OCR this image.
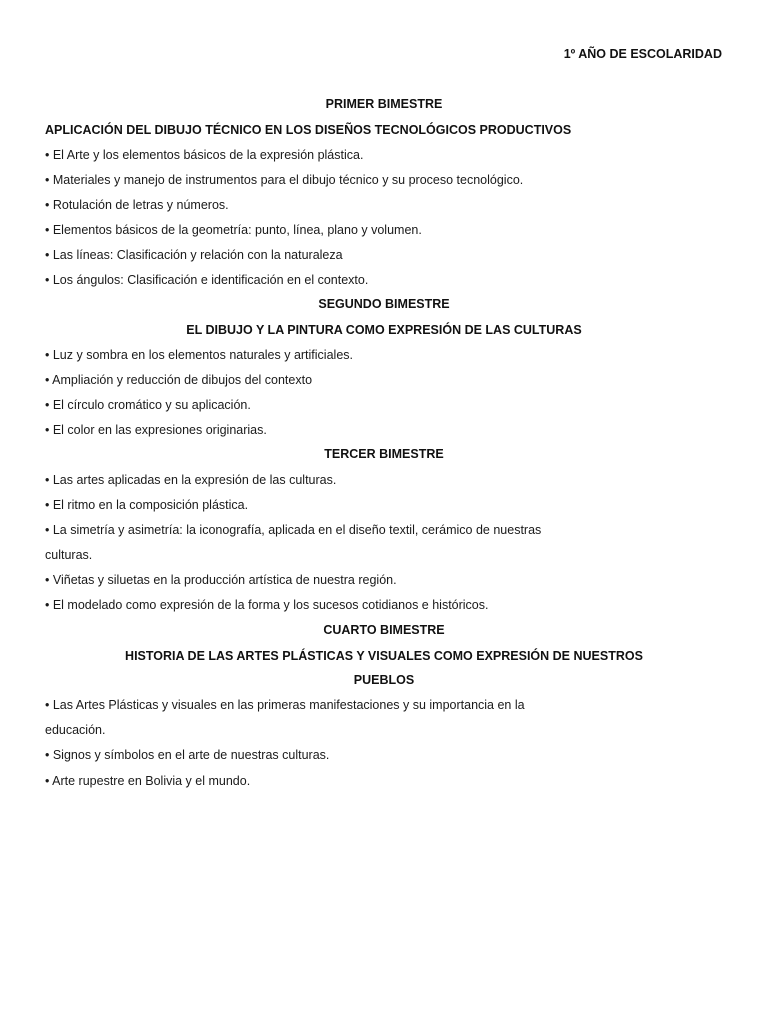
1º AÑO DE ESCOLARIDAD
PRIMER BIMESTRE
APLICACIÓN DEL DIBUJO TÉCNICO EN LOS DISEÑOS TECNOLÓGICOS PRODUCTIVOS
• El Arte y los elementos básicos de la expresión plástica.
• Materiales y manejo de instrumentos para el dibujo técnico y su proceso tecnológico.
• Rotulación de letras y números.
• Elementos básicos de la geometría: punto, línea, plano y volumen.
• Las líneas: Clasificación y relación con la naturaleza
• Los ángulos: Clasificación e identificación en el contexto.
SEGUNDO BIMESTRE
EL DIBUJO Y LA PINTURA COMO EXPRESIÓN DE LAS CULTURAS
• Luz y sombra en los elementos naturales y artificiales.
• Ampliación y reducción de dibujos del contexto
• El círculo cromático y su aplicación.
• El color en las expresiones originarias.
TERCER BIMESTRE
• Las artes aplicadas en la expresión de las culturas.
• El ritmo en la composición plástica.
• La simetría y asimetría: la iconografía, aplicada en el diseño textil, cerámico de nuestras
culturas.
• Viñetas y siluetas en la producción artística de nuestra región.
• El modelado como expresión de la forma y los sucesos cotidianos e históricos.
CUARTO BIMESTRE
HISTORIA DE LAS ARTES PLÁSTICAS Y VISUALES COMO EXPRESIÓN DE NUESTROS
PUEBLOS
• Las Artes Plásticas y visuales en las primeras manifestaciones y su importancia en la
educación.
• Signos y símbolos en el arte de nuestras culturas.
• Arte rupestre en Bolivia y el mundo.
